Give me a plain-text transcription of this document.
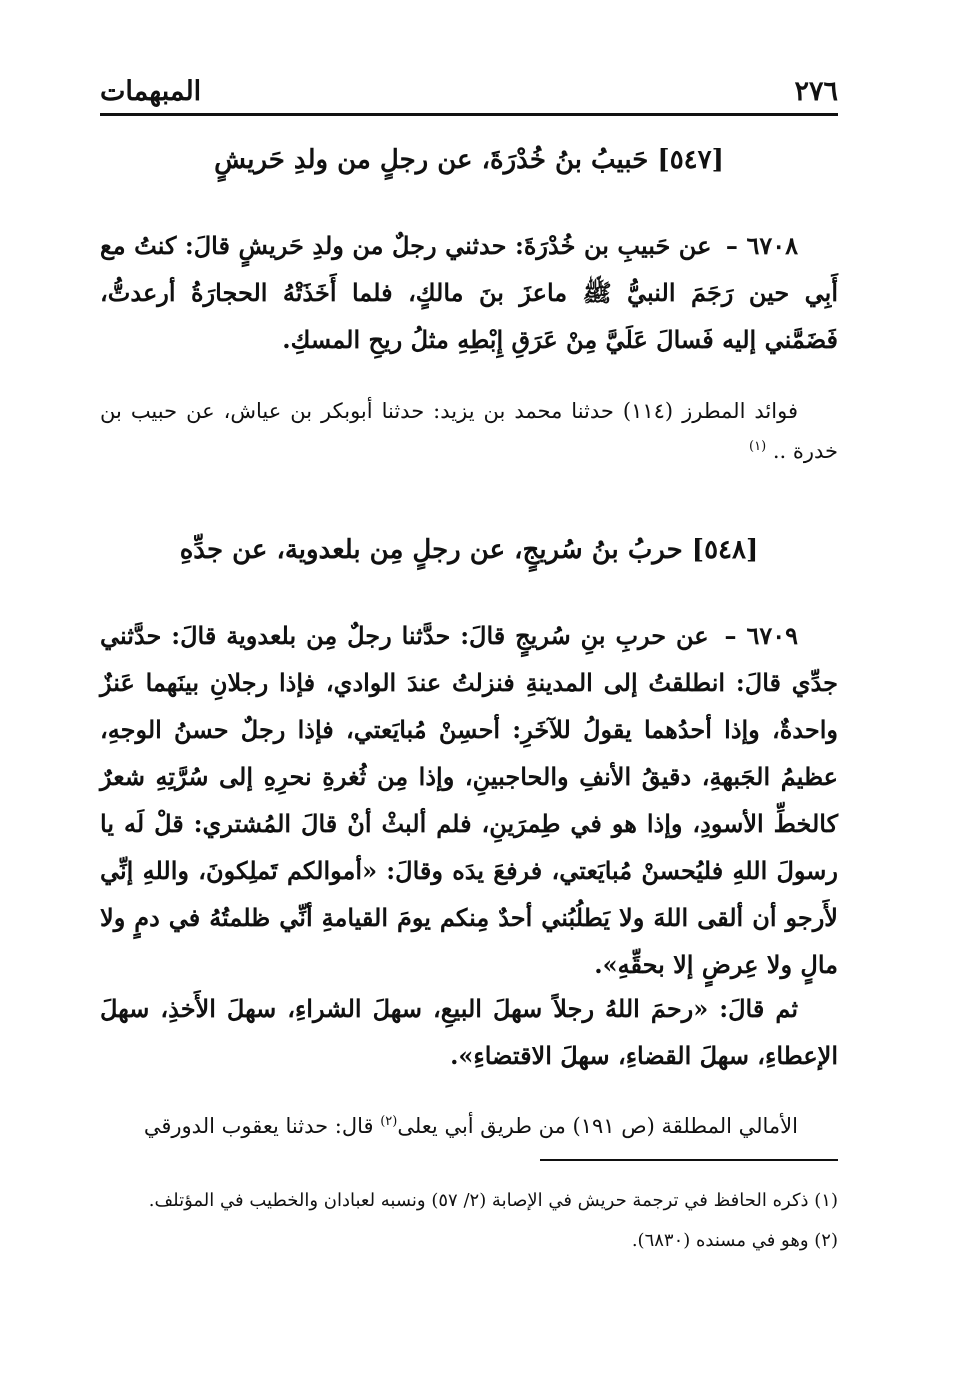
٢٧٦
المبهمات
[٥٤٧] حَبيبُ بنُ خُدْرَةَ، عن رجلٍ من ولدِ حَريشٍ
٦٧٠٨ – عن حَبيبِ بن خُدْرَةَ: حدثني رجلٌ من ولدِ حَريشٍ قالَ: كنتُ مع أَبِي حين رَجَمَ النبيُّ ﷺ ماعزَ بنَ مالكٍ، فلما أَخَذَتْهُ الحجارَةُ أرعدتُّ، فَضَمَّني إليه فَسالَ عَلَيَّ مِنْ عَرَقِ إِبْطِهِ مثلُ ريحِ المسكِ.
فوائد المطرز (١١٤) حدثنا محمد بن يزيد: حدثنا أبوبكر بن عياش، عن حبيب بن خدرة .. $^{(١)}$
[٥٤٨] حربُ بنُ سُريجٍ، عن رجلٍ مِن بلعدوية، عن جدِّهِ
٦٧٠٩ – عن حربِ بنِ سُريجٍ قالَ: حدَّثنا رجلٌ مِن بلعدوية قالَ: حدَّثني جدِّي قالَ: انطلقتُ إلى المدينةِ فنزلتُ عندَ الوادي، فإذا رجلانِ بينَهما عَنزٌ واحدةٌ، وإذا أحدُهما يقولُ للآخَرِ: أحسِنْ مُبايَعتي، فإذا رجلٌ حسنُ الوجهِ، عظيمُ الجَبهةِ، دقيقُ الأنفِ والحاجبينِ، وإذا مِن ثُغرةِ نحرِهِ إلى سُرَّتِهِ شعرٌ كالخطِّ الأسودِ، وإذا هو في طِمرَينِ، فلم ألبثْ أنْ قالَ المُشتري: قلْ لَه يا رسولَ اللهِ فليُحسنْ مُبايَعتي، فرفعَ يدَه وقالَ: «أموالكم تَملِكونَ، واللهِ إنِّي لأَرجو أن ألقى اللهَ ولا يَطلُبُني أحدٌ مِنكم يومَ القيامةِ أنِّي ظلمتُهُ في دمٍ ولا مالٍ ولا عِرضٍ إلا بحقِّهِ».
ثم قالَ: «رحمَ اللهُ رجلاً سهلَ البيعِ، سهلَ الشراءِ، سهلَ الأَخذِ، سهلَ الإعطاءِ، سهلَ القضاءِ، سهلَ الاقتضاءِ».
الأمالي المطلقة (ص ١٩١) من طريق أبي يعلى$^{(٢)}$ قال: حدثنا يعقوب الدورقي
(١) ذكره الحافظ في ترجمة حريش في الإصابة (٢/ ٥٧) ونسبه لعبادان والخطيب في المؤتلف.
(٢) وهو في مسنده (٦٨٣٠).
